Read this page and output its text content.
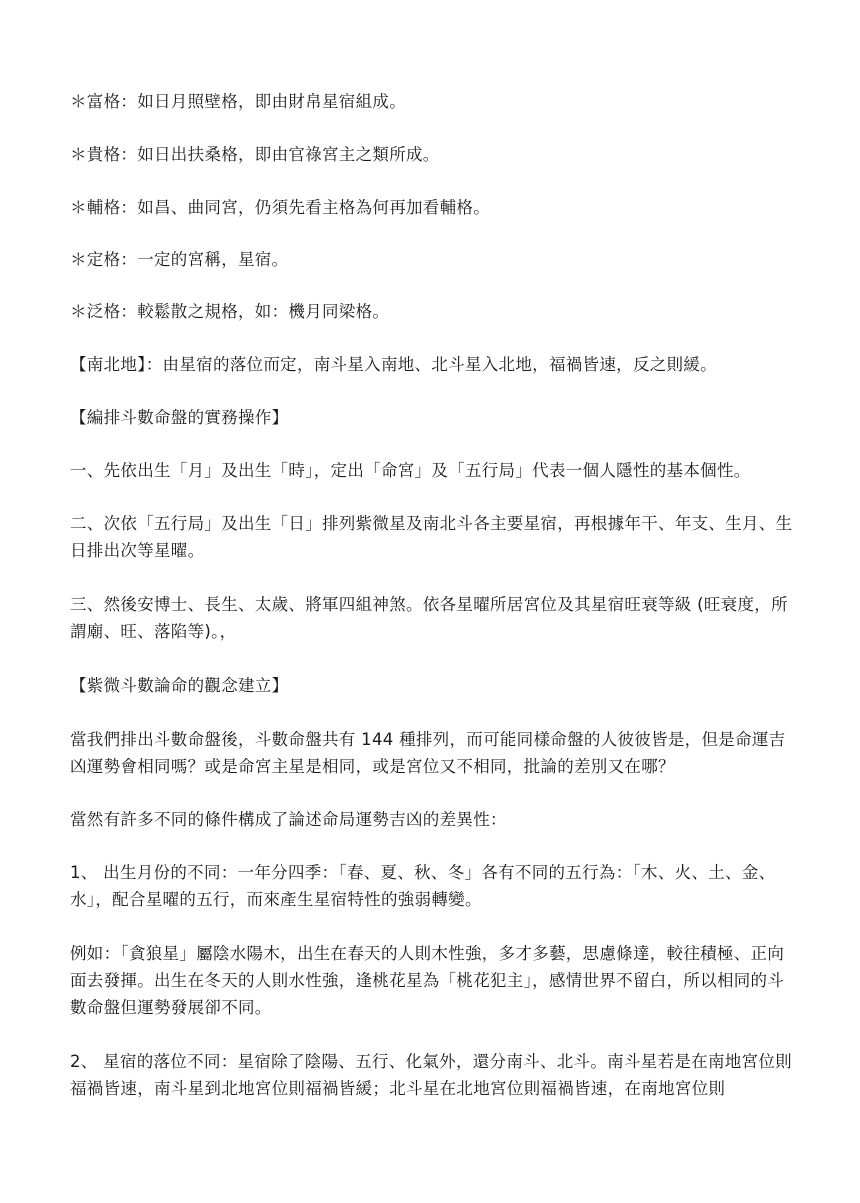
＊富格：如日月照壁格，即由財帛星宿組成。

＊貴格：如日出扶桑格，即由官祿宮主之類所成。

＊輔格：如昌、曲同宮，仍須先看主格為何再加看輔格。

＊定格：一定的宮稱，星宿。

＊泛格：較鬆散之規格，如：機月同梁格。

【南北地】：由星宿的落位而定，南斗星入南地、北斗星入北地，福禍皆速，反之則緩。

【編排斗數命盤的實務操作】

一、先依出生「月」及出生「時」，定出「命宮」及「五行局」代表一個人隱性的基本個性。

二、次依「五行局」及出生「日」排列紫微星及南北斗各主要星宿，再根據年干、年支、生月、生日排出次等星曜。

三、然後安博士、長生、太歲、將軍四組神煞。依各星曜所居宮位及其星宿旺衰等級 (旺衰度，所謂廟、旺、落陷等)。，

【紫微斗數論命的觀念建立】

當我們排出斗數命盤後，斗數命盤共有 144 種排列，而可能同樣命盤的人彼彼皆是，但是命運吉凶運勢會相同嗎？或是命宮主星是相同，或是宮位又不相同，批論的差別又在哪？

當然有許多不同的條件構成了論述命局運勢吉凶的差異性：

1、 出生月份的不同：一年分四季：「春、夏、秋、冬」各有不同的五行為：「木、火、土、金、水」，配合星曜的五行，而來產生星宿特性的強弱轉變。

例如：「貪狼星」屬陰水陽木，出生在春天的人則木性強，多才多藝，思慮條達，較往積極、正向面去發揮。出生在冬天的人則水性強，逢桃花星為「桃花犯主」，感情世界不留白，所以相同的斗數命盤但運勢發展卻不同。

2、 星宿的落位不同：星宿除了陰陽、五行、化氣外，還分南斗、北斗。南斗星若是在南地宮位則福禍皆速，南斗星到北地宮位則福禍皆緩；北斗星在北地宮位則福禍皆速，在南地宮位則
